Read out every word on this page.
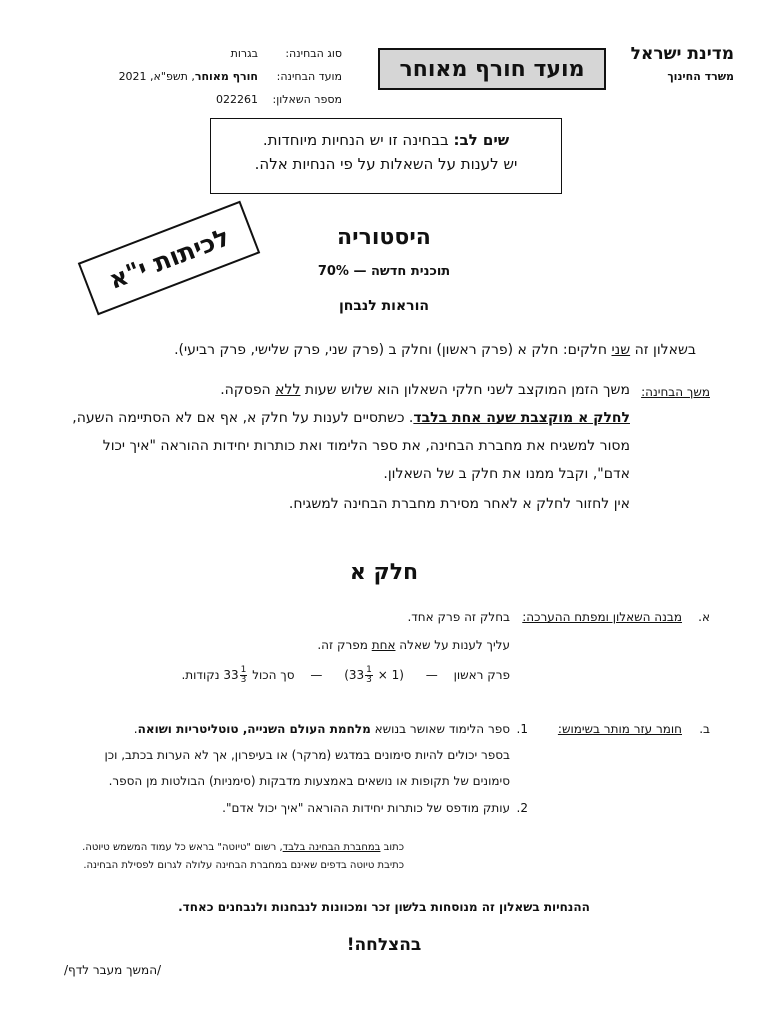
מדינת ישראל
משרד החינוך
מועד חורף מאוחר
סוג הבחינה:
בגרות
מועד הבחינה:
חורף מאוחר, תשפ"א, 2021
מספר השאלון:
022261
שים לב: בבחינה זו יש הנחיות מיוחדות.
יש לענות על השאלות על פי הנחיות אלה.
לכיתות י"א	היסטוריה
תוכנית חדשה — 70%
הוראות לנבחן
בשאלון זה שני חלקים: חלק א (פרק ראשון) וחלק ב (פרק שני, פרק שלישי, פרק רביעי).
משך הבחינה:
משך הזמן המוקצב לשני חלקי השאלון הוא שלוש שעות ללא הפסקה.
לחלק א מוקצבת שעה אחת בלבד. כשתסיים לענות על חלק א, אף אם לא הסתיימה השעה,
מסור למשגיח את מחברת הבחינה, את ספר הלימוד ואת כותרות יחידות ההוראה "איך יכול
אדם", וקבל ממנו את חלק ב של השאלון.
אין לחזור לחלק א לאחר מסירת מחברת הבחינה למשגיח.
חלק א
א.
מבנה השאלון ומפתח ההערכה:
בחלק זה פרק אחד.
עליך לענות על שאלה אחת מפרק זה.
פרק ראשון — $(33 \frac{1}{3} \times 1)$ — סך הכול $33 \frac{1}{3}$
נקודות.
ב.
חומר עזר מותר בשימוש:
1.
ספר הלימוד שאושר בנושא מלחמת העולם השנייה, טוטליטריות ושואה.
בספר יכולים להיות סימונים במדגש (מרקר) או בעיפרון, אך לא הערות בכתב, וכן
סימונים של תקופות או נושאים באמצעות מדבקות (סימניות) הבולטות מן הספר.
2.
עותק מודפס של כותרות יחידות ההוראה "איך יכול אדם".
כתוב במחברת הבחינה בלבד, רשום "טיוטה" בראש כל עמוד המשמש טיוטה.
כתיבת טיוטה בדפים שאינם במחברת הבחינה עלולה לגרום לפסילת הבחינה.
ההנחיות בשאלון זה מנוסחות בלשון זכר ומכוונות לנבחנות ולנבחנים כאחד.
בהצלחה!
/המשך מעבר לדף/
